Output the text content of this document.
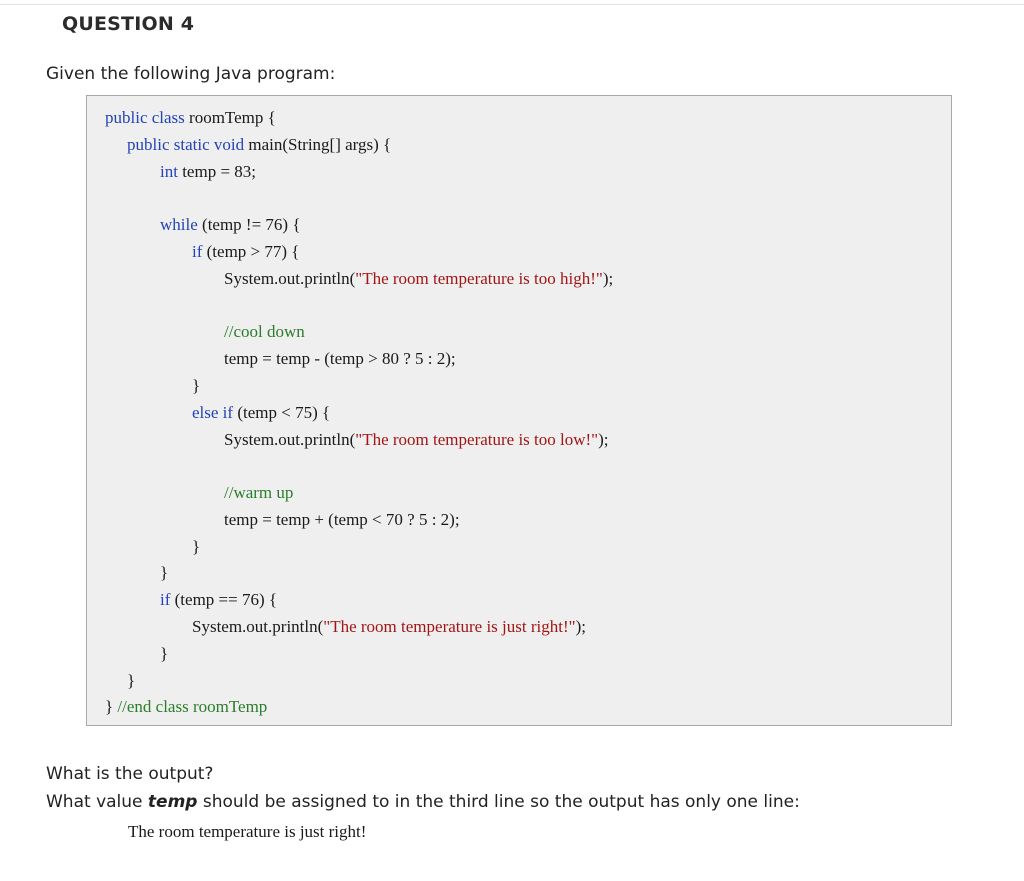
QUESTION 4
Given the following Java program:
public class roomTemp {
public static void main(String[] args) {
int temp = 83;
while (temp != 76) {
if (temp > 77) {
System.out.println("The room temperature is too high!");
//cool down
temp = temp - (temp > 80 ? 5 : 2);
}
else if (temp < 75) {
System.out.println("The room temperature is too low!");
//warm up
temp = temp + (temp < 70 ? 5 : 2);
}
}
if (temp == 76) {
System.out.println("The room temperature is just right!");
}
}
} //end class roomTemp
What is the output?
What value temp should be assigned to in the third line so the output has only one line:
The room temperature is just right!
